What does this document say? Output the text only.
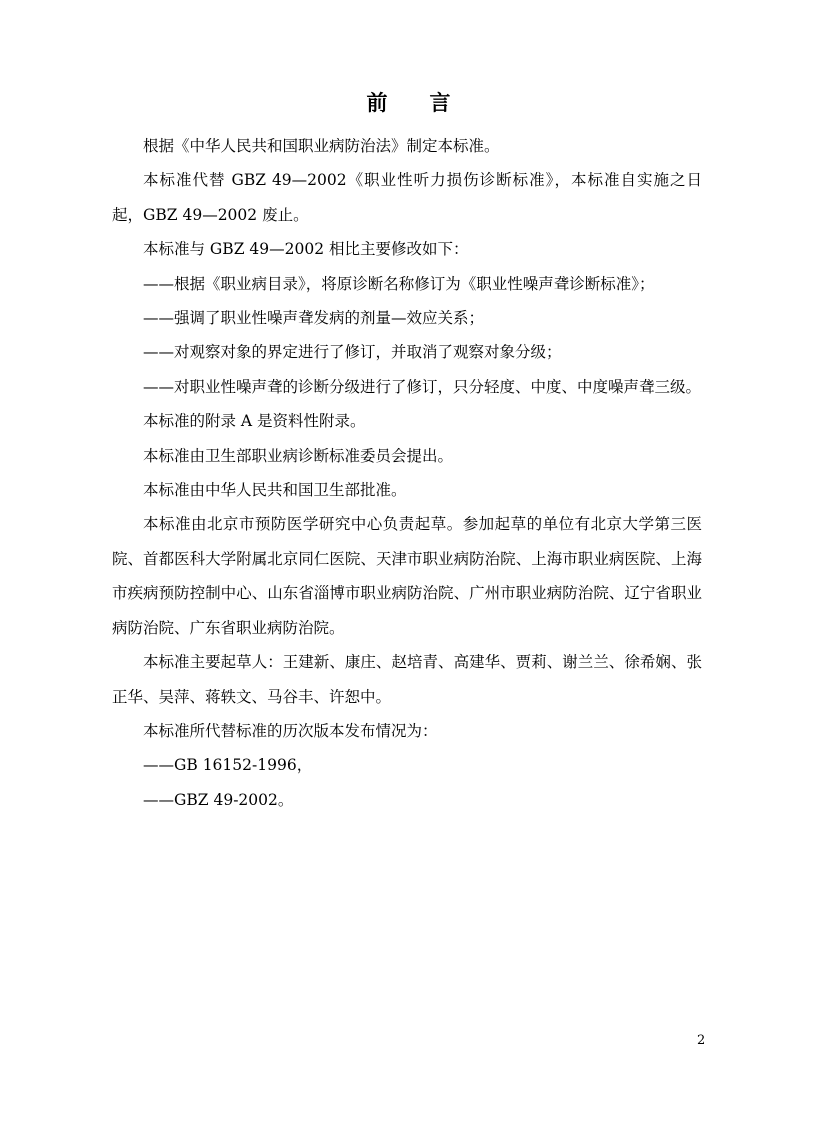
前 言

根据《中华人民共和国职业病防治法》制定本标准。

本标准代替 GBZ 49—2002《职业性听力损伤诊断标准》，本标准自实施之日起，GBZ 49—2002 废止。

本标准与 GBZ 49—2002 相比主要修改如下：

——根据《职业病目录》，将原诊断名称修订为《职业性噪声聋诊断标准》；

——强调了职业性噪声聋发病的剂量—效应关系；

——对观察对象的界定进行了修订，并取消了观察对象分级；

——对职业性噪声聋的诊断分级进行了修订，只分轻度、中度、中度噪声聋三级。

本标准的附录 A 是资料性附录。

本标准由卫生部职业病诊断标准委员会提出。

本标准由中华人民共和国卫生部批准。

本标准由北京市预防医学研究中心负责起草。参加起草的单位有北京大学第三医院、首都医科大学附属北京同仁医院、天津市职业病防治院、上海市职业病医院、上海市疾病预防控制中心、山东省淄博市职业病防治院、广州市职业病防治院、辽宁省职业病防治院、广东省职业病防治院。

本标准主要起草人：王建新、康庄、赵培青、高建华、贾莉、谢兰兰、徐希娴、张正华、吴萍、蒋轶文、马谷丰、许恕中。

本标准所代替标准的历次版本发布情况为：

——GB 16152-1996，

——GBZ 49-2002。

2
